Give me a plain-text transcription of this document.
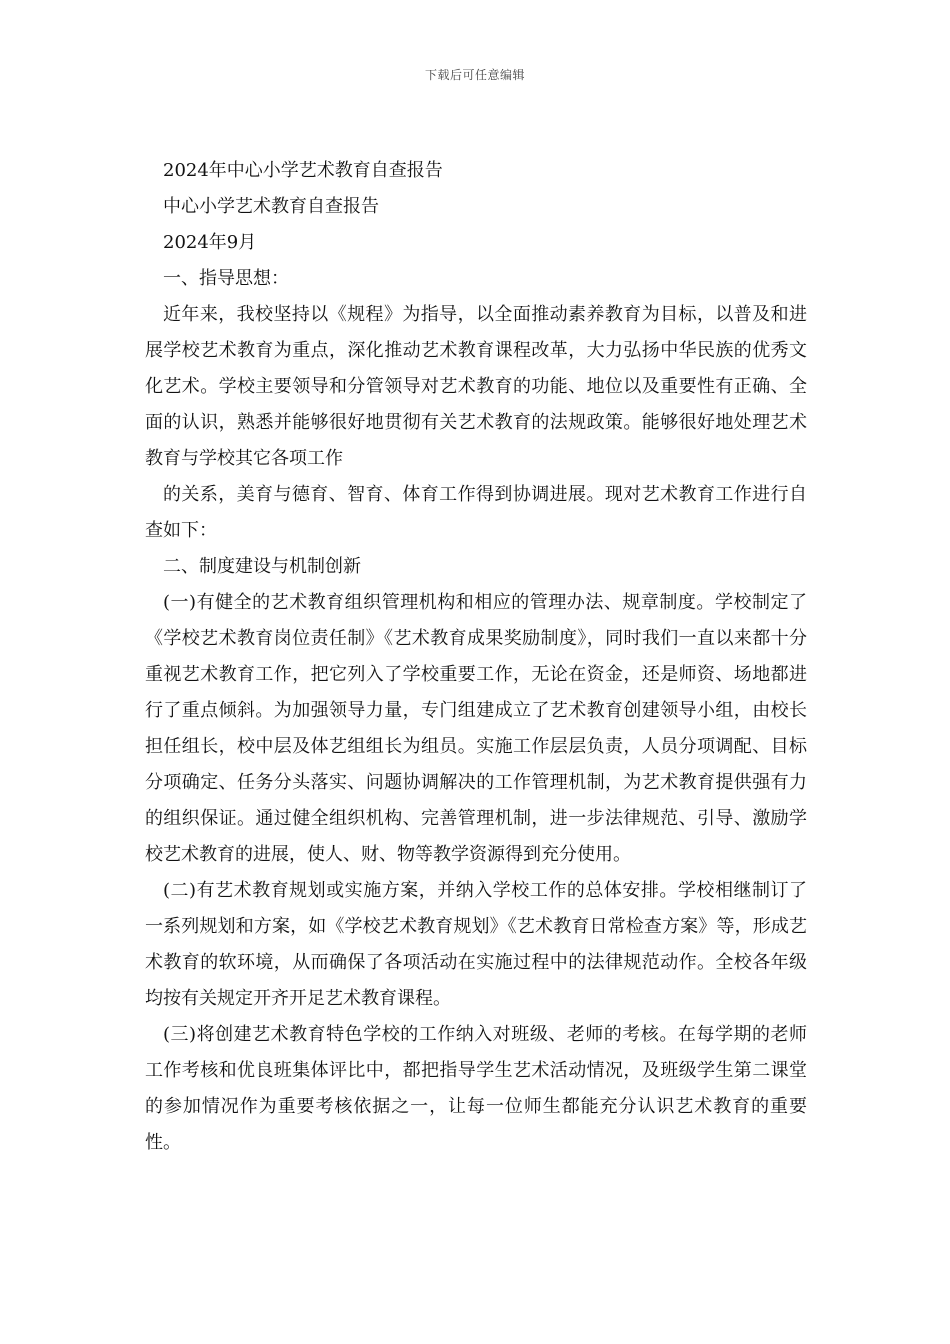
下载后可任意编辑

2024年中心小学艺术教育自查报告

中心小学艺术教育自查报告

2024年9月

一、指导思想：

近年来，我校坚持以《规程》为指导，以全面推动素养教育为目标，以普及和进展学校艺术教育为重点，深化推动艺术教育课程改革，大力弘扬中华民族的优秀文化艺术。学校主要领导和分管领导对艺术教育的功能、地位以及重要性有正确、全面的认识，熟悉并能够很好地贯彻有关艺术教育的法规政策。能够很好地处理艺术教育与学校其它各项工作

的关系，美育与德育、智育、体育工作得到协调进展。现对艺术教育工作进行自查如下：

二、制度建设与机制创新

(一)有健全的艺术教育组织管理机构和相应的管理办法、规章制度。学校制定了《学校艺术教育岗位责任制》《艺术教育成果奖励制度》，同时我们一直以来都十分重视艺术教育工作，把它列入了学校重要工作，无论在资金，还是师资、场地都进行了重点倾斜。为加强领导力量，专门组建成立了艺术教育创建领导小组，由校长担任组长，校中层及体艺组组长为组员。实施工作层层负责，人员分项调配、目标分项确定、任务分头落实、问题协调解决的工作管理机制，为艺术教育提供强有力的组织保证。通过健全组织机构、完善管理机制，进一步法律规范、引导、激励学校艺术教育的进展，使人、财、物等教学资源得到充分使用。

(二)有艺术教育规划或实施方案，并纳入学校工作的总体安排。学校相继制订了一系列规划和方案，如《学校艺术教育规划》《艺术教育日常检查方案》等，形成艺术教育的软环境，从而确保了各项活动在实施过程中的法律规范动作。全校各年级均按有关规定开齐开足艺术教育课程。

(三)将创建艺术教育特色学校的工作纳入对班级、老师的考核。在每学期的老师工作考核和优良班集体评比中，都把指导学生艺术活动情况，及班级学生第二课堂的参加情况作为重要考核依据之一，让每一位师生都能充分认识艺术教育的重要性。
